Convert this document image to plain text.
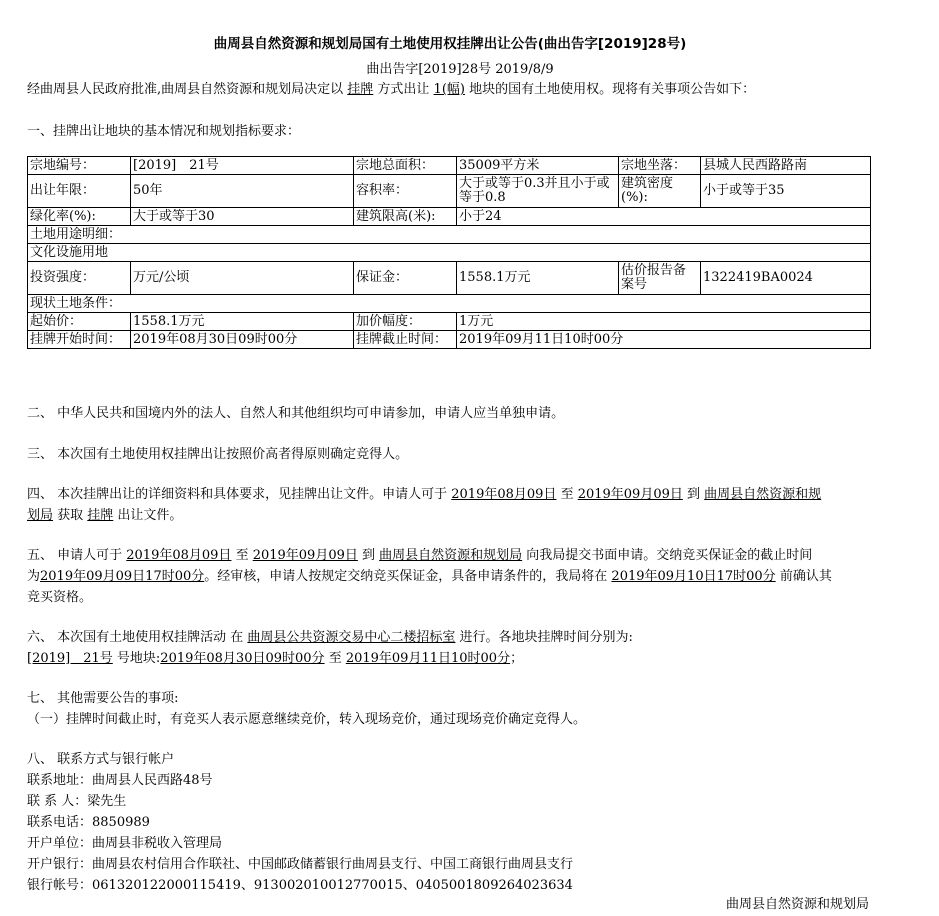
曲周县自然资源和规划局国有土地使用权挂牌出让公告(曲出告字[2019]28号)
曲出告字[2019]28号 2019/8/9
经曲周县人民政府批准,曲周县自然资源和规划局决定以 挂牌 方式出让 1(幅) 地块的国有土地使用权。现将有关事项公告如下：
一、挂牌出让地块的基本情况和规划指标要求：
宗地编号：	[2019]　21号	宗地总面积：	35009平方米	宗地坐落：	县城人民西路路南
出让年限：	50年	容积率：	大于或等于0.3并且小于或等于0.8	建筑密度(%):	小于或等于35
绿化率(%):	大于或等于30	建筑限高(米):	小于24		
土地用途明细：					
文化设施用地					
投资强度：	万元/公顷	保证金：	1558.1万元	估价报告备案号	1322419BA0024
现状土地条件：					
起始价：	1558.1万元	加价幅度：	1万元		
挂牌开始时间：	2019年08月30日09时00分	挂牌截止时间：	2019年09月11日10时00分		
二、 中华人民共和国境内外的法人、自然人和其他组织均可申请参加，申请人应当单独申请。
三、 本次国有土地使用权挂牌出让按照价高者得原则确定竞得人。
四、 本次挂牌出让的详细资料和具体要求，见挂牌出让文件。申请人可于 2019年08月09日 至 2019年09月09日 到 曲周县自然资源和规
划局 获取 挂牌 出让文件。
五、 申请人可于 2019年08月09日 至 2019年09月09日 到 曲周县自然资源和规划局 向我局提交书面申请。交纳竞买保证金的截止时间
为2019年09月09日17时00分。经审核，申请人按规定交纳竞买保证金，具备申请条件的，我局将在 2019年09月10日17时00分 前确认其
竞买资格。
六、 本次国有土地使用权挂牌活动 在 曲周县公共资源交易中心二楼招标室 进行。各地块挂牌时间分别为:
[2019]　21号 号地块:2019年08月30日09时00分 至 2019年09月11日10时00分；
七、 其他需要公告的事项:
（一）挂牌时间截止时，有竞买人表示愿意继续竞价，转入现场竞价，通过现场竞价确定竞得人。
八、 联系方式与银行帐户
联系地址：曲周县人民西路48号
联 系 人：梁先生
联系电话：8850989
开户单位：曲周县非税收入管理局
开户银行：曲周县农村信用合作联社、中国邮政储蓄银行曲周县支行、中国工商银行曲周县支行
银行帐号：061320122000115419、913002010012770015、0405001809264023634
曲周县自然资源和规划局
